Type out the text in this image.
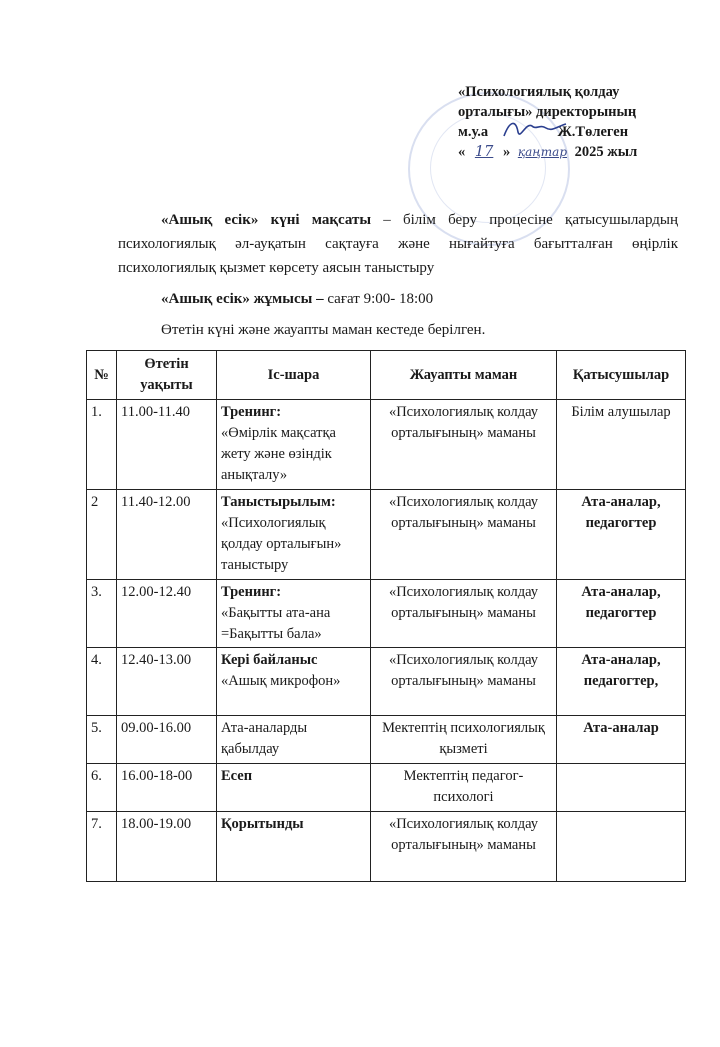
«Психологиялық қолдау
орталығы» директорының
м.у.а	Ж.Төлеген
« 17 » қаңтар 2025 жыл
«Ашық есік» күні мақсаты – білім беру процесіне қатысушылардың психологиялық әл-ауқатын сақтауға және нығайтуға бағытталған өңірлік психологиялық қызмет көрсету аясын таныстыру
«Ашық есік» жұмысы – сағат 9:00- 18:00
Өтетін күні және жауапты маман кестеде берілген.
№	Өтетін
уақыты	Іс-шара	Жауапты маман	Қатысушылар
1.	11.00-11.40	Тренинг:
«Өмірлік мақсатқа жету және өзіндік анықталу»	«Психологиялық колдау орталығының» маманы	Білім алушылар
2	11.40-12.00	Таныстырылым:
«Психологиялық қолдау орталығын» таныстыру	«Психологиялық колдау орталығының» маманы	Ата-аналар, педагогтер
3.	12.00-12.40	Тренинг:
«Бақытты ата-ана =Бақытты бала»	«Психологиялық колдау орталығының» маманы	Ата-аналар, педагогтер
4.	12.40-13.00	Кері байланыс
«Ашық микрофон»	«Психологиялық колдау орталығының» маманы	Ата-аналар, педагогтер,
5.	09.00-16.00	Ата-аналарды қабылдау	Мектептің психологиялық қызметі	Ата-аналар
6.	16.00-18-00	Есеп	Мектептің педагог-психологі	
7.	18.00-19.00	Қорытынды	«Психологиялық колдау орталығының» маманы	
